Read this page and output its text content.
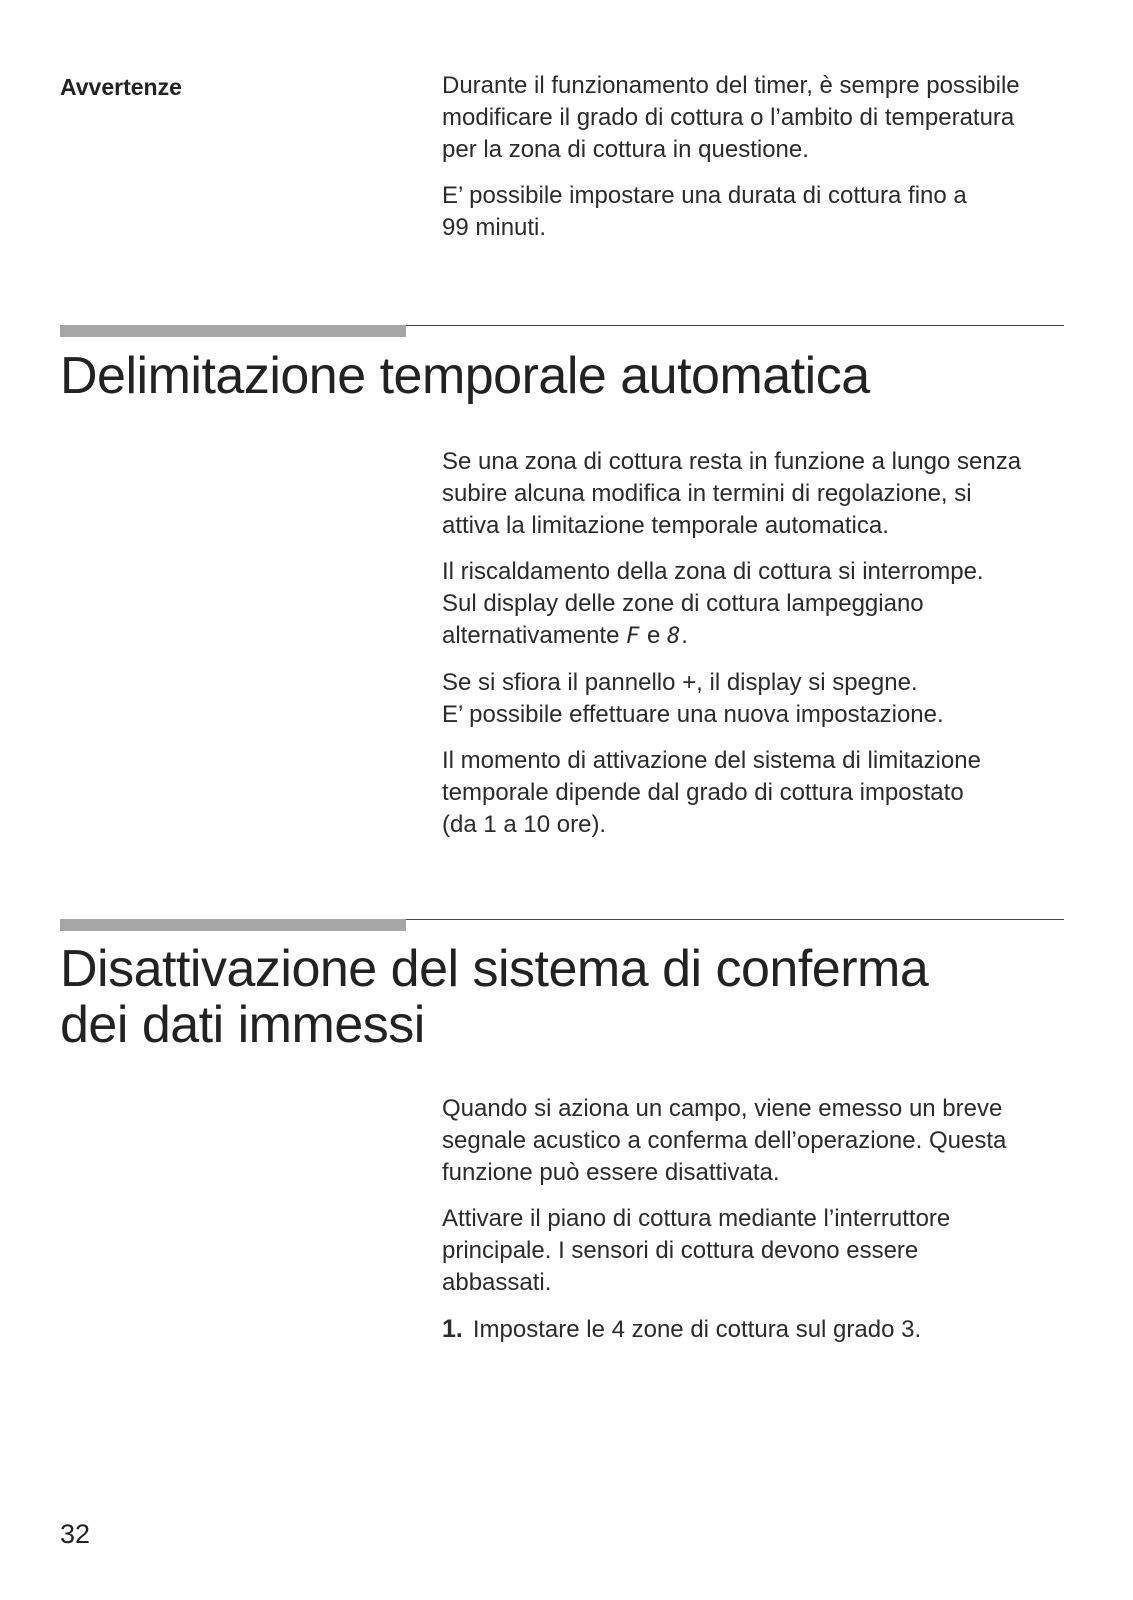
Avvertenze	Durante il funzionamento del timer, è sempre possibile
modificare il grado di cottura o l’ambito di temperatura
per la zona di cottura in questione.

E’ possibile impostare una durata di cottura fino a
99 minuti.

Delimitazione temporale automatica

Se una zona di cottura resta in funzione a lungo senza
subire alcuna modifica in termini di regolazione, si
attiva la limitazione temporale automatica.

Il riscaldamento della zona di cottura si interrompe.
Sul display delle zone di cottura lampeggiano
alternativamente F e 8.

Se si sfiora il pannello +, il display si spegne.
E’ possibile effettuare una nuova impostazione.

Il momento di attivazione del sistema di limitazione
temporale dipende dal grado di cottura impostato
(da 1 a 10 ore).

Disattivazione del sistema di conferma
dei dati immessi

Quando si aziona un campo, viene emesso un breve
segnale acustico a conferma dell’operazione. Questa
funzione può essere disattivata.

Attivare il piano di cottura mediante l’interruttore
principale. I sensori di cottura devono essere
abbassati.

1. Impostare le 4 zone di cottura sul grado 3.

32
